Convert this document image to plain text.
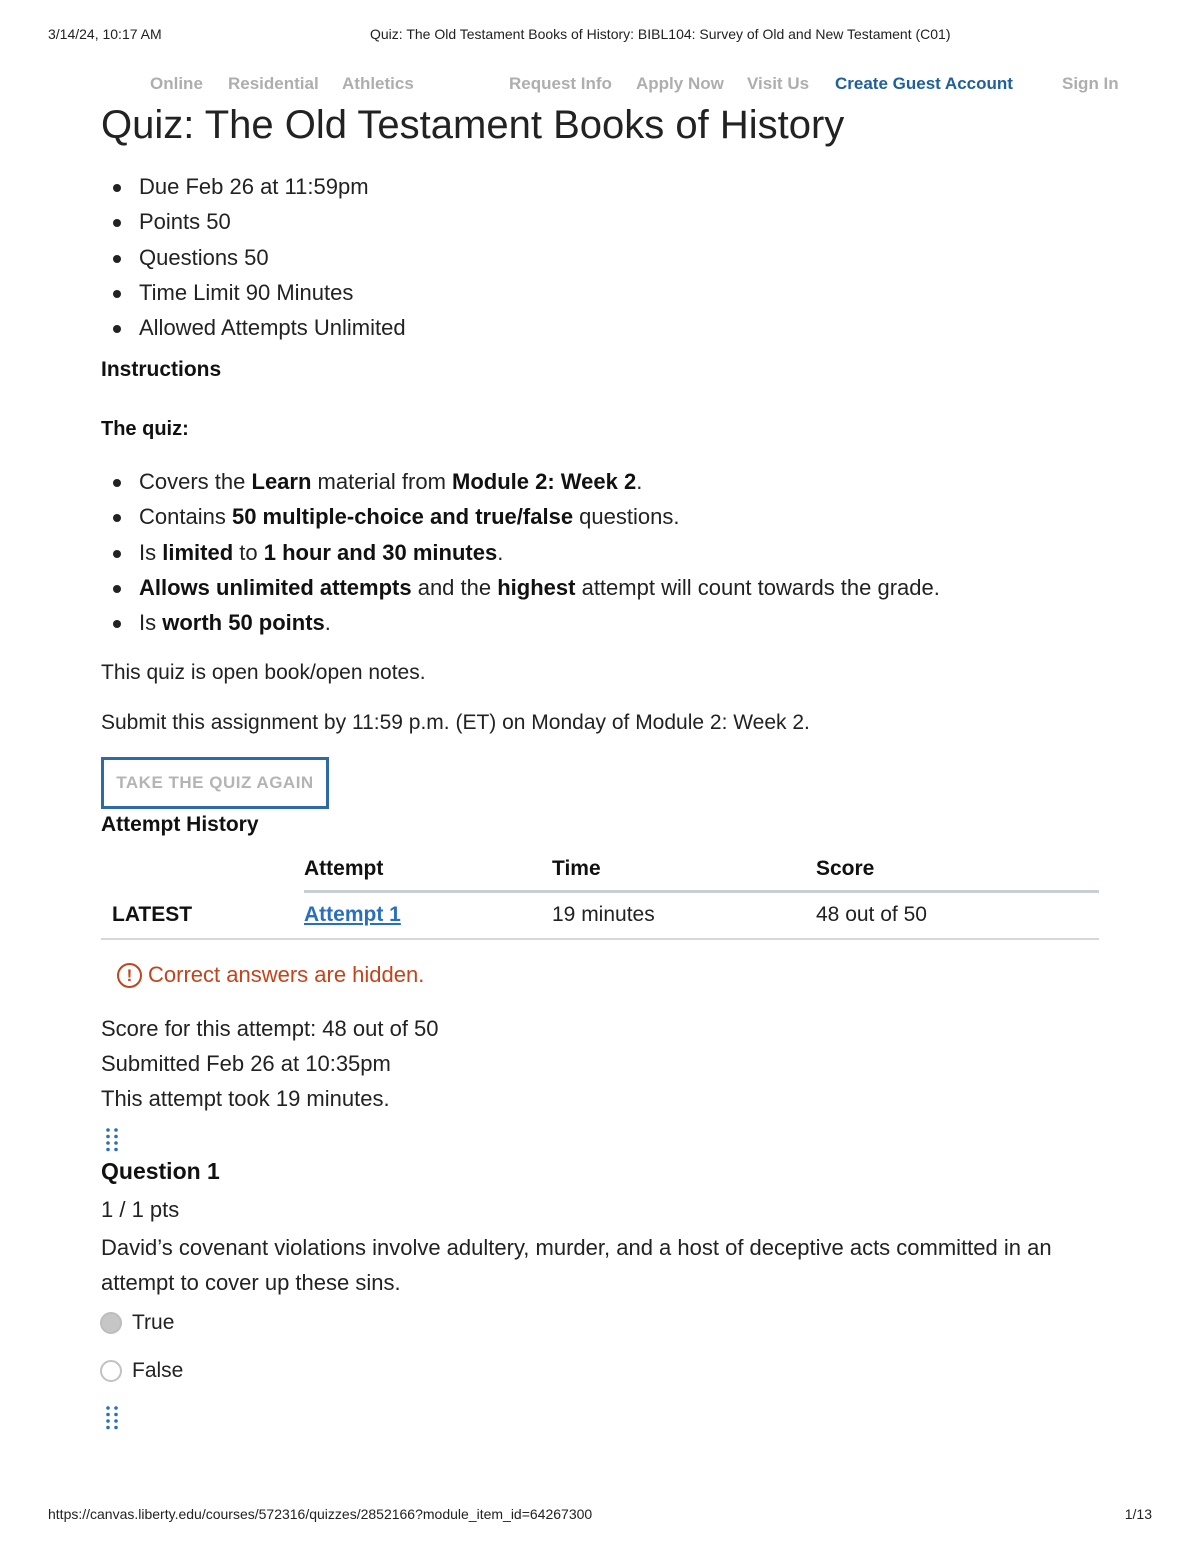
3/14/24, 10:17 AM	Quiz: The Old Testament Books of History: BIBL104: Survey of Old and New Testament (C01)
Online Residential Athletics	Request Info Apply Now Visit Us Create Guest Account	Sign In
Quiz: The Old Testament Books of History
Due Feb 26 at 11:59pm
Points 50
Questions 50
Time Limit 90 Minutes
Allowed Attempts Unlimited
Instructions
The quiz:
Covers the Learn material from Module 2: Week 2.
Contains 50 multiple-choice and true/false questions.
Is limited to 1 hour and 30 minutes.
Allows unlimited attempts and the highest attempt will count towards the grade.
Is worth 50 points.
This quiz is open book/open notes.
Submit this assignment by 11:59 p.m. (ET) on Monday of Module 2: Week 2.
TAKE THE QUIZ AGAIN
Attempt History
	Attempt	Time	Score
LATEST	Attempt 1	19 minutes	48 out of 50
! Correct answers are hidden.
Score for this attempt: 48 out of 50
Submitted Feb 26 at 10:35pm
This attempt took 19 minutes.
Question 1
1 / 1 pts
David’s covenant violations involve adultery, murder, and a host of deceptive acts committed in an attempt to cover up these sins.
True
False
https://canvas.liberty.edu/courses/572316/quizzes/2852166?module_item_id=64267300	1/13
